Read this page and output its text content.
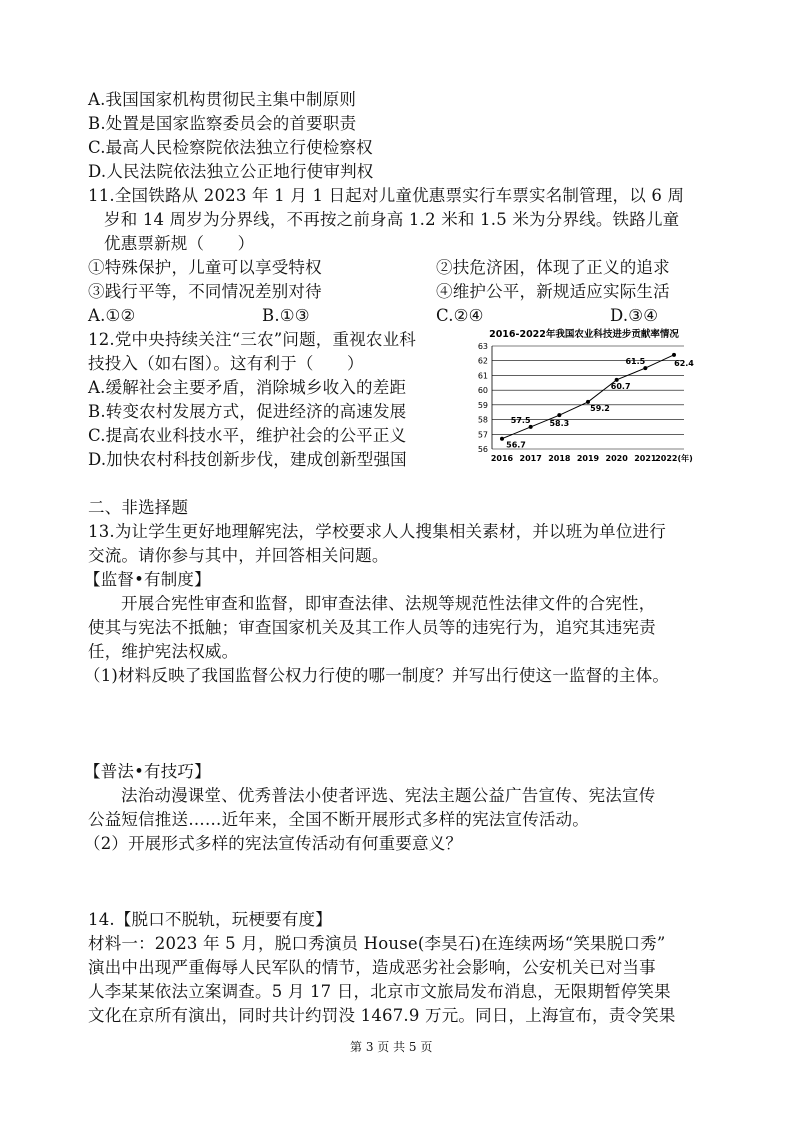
A.我国国家机构贯彻民主集中制原则
B.处置是国家监察委员会的首要职责
C.最高人民检察院依法独立行使检察权
D.人民法院依法独立公正地行使审判权
11.全国铁路从 2023 年 1 月 1 日起对儿童优惠票实行车票实名制管理，以 6 周
岁和 14 周岁为分界线，不再按之前身高 1.2 米和 1.5 米为分界线。铁路儿童
优惠票新规（　　）
①特殊保护，儿童可以享受特权	②扶危济困，体现了正义的追求
③践行平等，不同情况差别对待	④维护公平，新规适应实际生活
A.①②	B.①③	C.②④	D.③④
12.党中央持续关注“三农”问题，重视农业科
技投入（如右图）。这有利于（　　）
A.缓解社会主要矛盾，消除城乡收入的差距
B.转变农村发展方式，促进经济的高速发展
C.提高农业科技水平，维护社会的公平正义
D.加快农村科技创新步伐，建成创新型强国
2016-2022年我国农业科技进步贡献率情况
56
57
58
59
60
61
62
63
2016 2017 2018 2019 2020 2021
2022(年)
56.7
57.5 58.3
59.2
60.7
61.5	62.4
二、非选择题
13.为让学生更好地理解宪法，学校要求人人搜集相关素材，并以班为单位进行
交流。请你参与其中，并回答相关问题。
【监督•有制度】
开展合宪性审查和监督，即审查法律、法规等规范性法律文件的合宪性，
使其与宪法不抵触；审查国家机关及其工作人员等的违宪行为，追究其违宪责
任，维护宪法权威。
（1)材料反映了我国监督公权力行使的哪一制度？并写出行使这一监督的主体。
【普法•有技巧】
法治动漫课堂、优秀普法小使者评选、宪法主题公益广告宣传、宪法宣传
公益短信推送……近年来，全国不断开展形式多样的宪法宣传活动。
（2）开展形式多样的宪法宣传活动有何重要意义？
14.【脱口不脱轨，玩梗要有度】
材料一：2023 年 5 月，脱口秀演员 House(李昊石)在连续两场“笑果脱口秀”
演出中出现严重侮辱人民军队的情节，造成恶劣社会影响，公安机关已对当事
人李某某依法立案调查。5 月 17 日，北京市文旅局发布消息，无限期暂停笑果
文化在京所有演出，同时共计约罚没 1467.9 万元。同日，上海宣布，责令笑果
第 3 页 共 5 页
